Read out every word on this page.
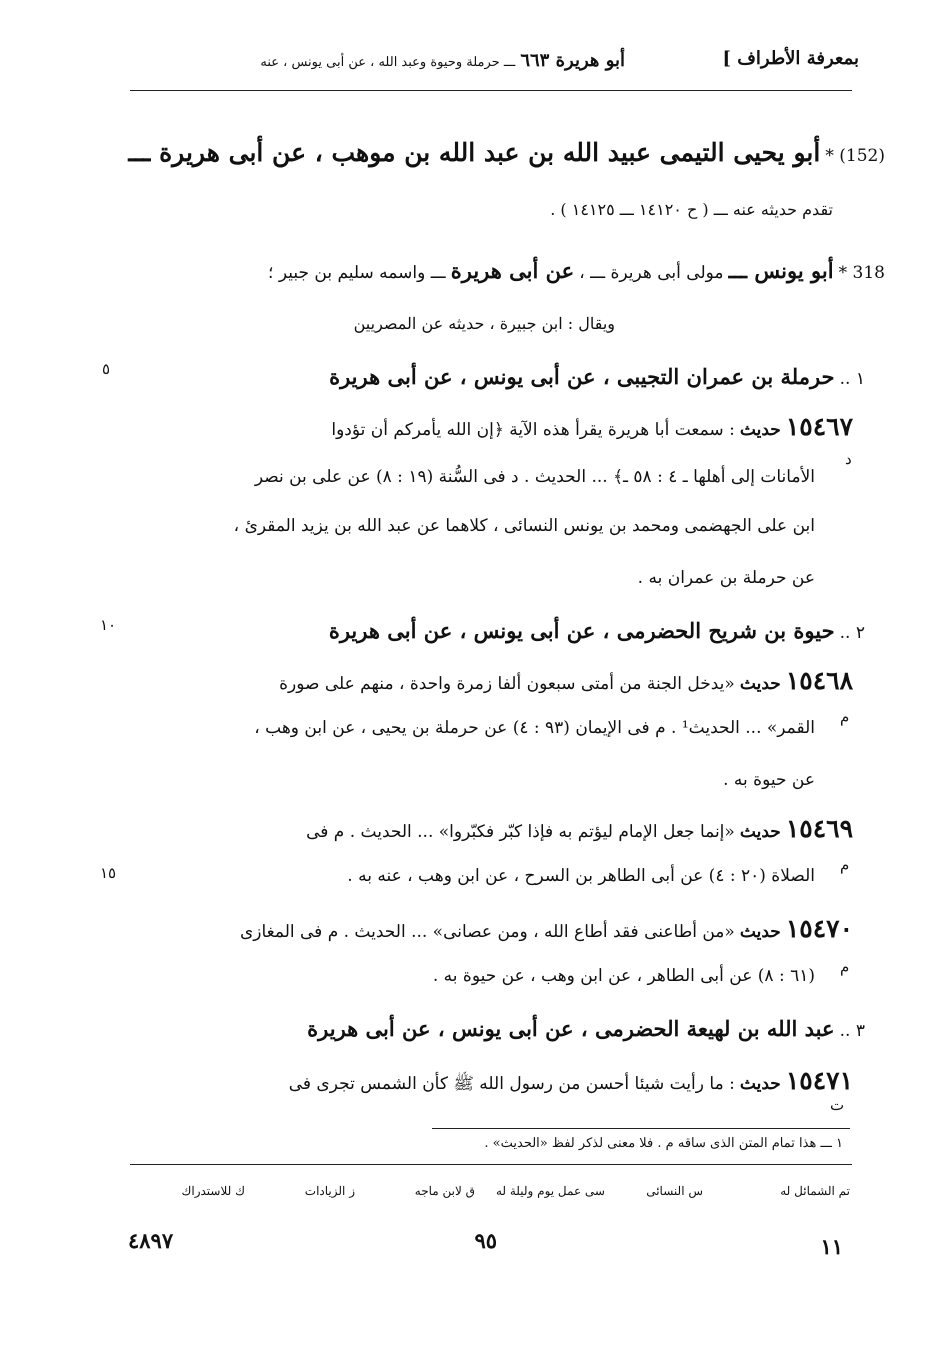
بمعرفة الأطراف ]
أبو هريرة ٦٦٣ ـــ حرملة وحيوة وعبد الله ، عن أبى يونس ، عنه
(152) * أبو يحيى التيمى عبيد الله بن عبد الله بن موهب ، عن أبى هريرة ـــ
تقدم حديثه عنه ـــ ( ح ١٤١٢٠ ـــ ١٤١٢٥ ) .
318 * أبو يونس ـــ مولى أبى هريرة ـــ ، عن أبى هريرة ـــ واسمه سليم بن جبير ؛
ويقال : ابن جبيرة ، حديثه عن المصريين
١ .. حرملة بن عمران التجيبى ، عن أبى يونس ، عن أبى هريرة
٥
١٥٤٦٧ حديث : سمعت أبا هريرة يقرأ هذه الآية ﴿إن الله يأمركم أن تؤدوا
الأمانات إلى أهلها ـ ٤ : ٥٨ ـ﴾ ... الحديث . د فى السُّنة (١٩ : ٨) عن على بن نصر
ابن على الجهضمى ومحمد بن يونس النسائى ، كلاهما عن عبد الله بن يزيد المقرئ ،
عن حرملة بن عمران به .
د
٢ .. حيوة بن شريح الحضرمى ، عن أبى يونس ، عن أبى هريرة
١٠
١٥٤٦٨ حديث «يدخل الجنة من أمتى سبعون ألفا زمرة واحدة ، منهم على صورة
القمر» ... الحديث¹ . م فى الإيمان (٩٣ : ٤) عن حرملة بن يحيى ، عن ابن وهب ،
عن حيوة به .
م
١٥٤٦٩ حديث «إنما جعل الإمام ليؤتم به فإذا كبّر فكبّروا» ... الحديث . م فى
الصلاة (٢٠ : ٤) عن أبى الطاهر بن السرح ، عن ابن وهب ، عنه به .
م
١٥
١٥٤٧٠ حديث «من أطاعنى فقد أطاع الله ، ومن عصانى» ... الحديث . م فى المغازى
(٦١ : ٨) عن أبى الطاهر ، عن ابن وهب ، عن حيوة به . م
٣ .. عبد الله بن لهيعة الحضرمى ، عن أبى يونس ، عن أبى هريرة
١٥٤٧١ حديث : ما رأيت شيئا أحسن من رسول الله ﷺ كأن الشمس تجرى فى
ت
١ ـــ هذا تمام المتن الذى ساقه م . فلا معنى لذكر لفظ «الحديث» .
تم الشمائل له
س النسائى
سى عمل يوم وليلة له
ق لابن ماجه
ز الزيادات
ك للاستدراك
١١
٩٥
٤٨٩٧
